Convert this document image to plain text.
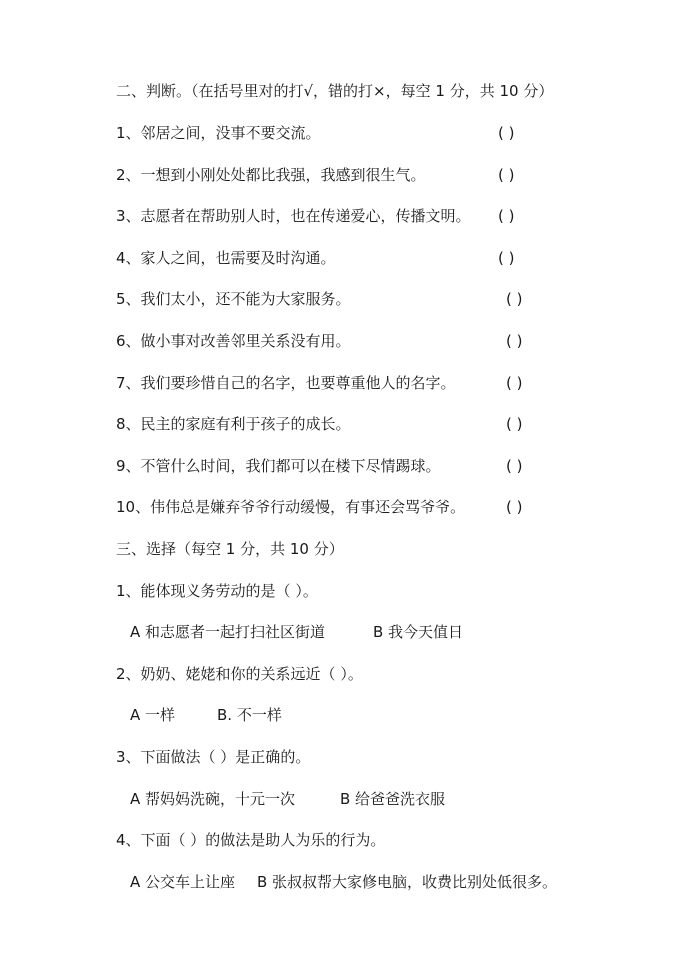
二、判断。（在括号里对的打√，错的打×，每空 1 分，共 10 分）
1、邻居之间，没事不要交流。	( )
2、一想到小刚处处都比我强，我感到很生气。	( )
3、志愿者在帮助别人时，也在传递爱心，传播文明。 ( )
4、家人之间，也需要及时沟通。	( )
5、我们太小，还不能为大家服务。	( )
6、做小事对改善邻里关系没有用。	( )
7、我们要珍惜自己的名字，也要尊重他人的名字。	( )
8、民主的家庭有利于孩子的成长。	( )
9、不管什么时间，我们都可以在楼下尽情踢球。	( )
10、伟伟总是嫌弃爷爷行动缓慢，有事还会骂爷爷。	( )
三、选择（每空 1 分，共 10 分）
1、能体现义务劳动的是（ ）。
A 和志愿者一起打扫社区街道	B 我今天值日
2、奶奶、姥姥和你的关系远近（ ）。
A 一样	B. 不一样
3、下面做法（ ）是正确的。
A 帮妈妈洗碗，十元一次	B 给爸爸洗衣服
4、下面（ ）的做法是助人为乐的行为。
A 公交车上让座 B 张叔叔帮大家修电脑，收费比别处低很多。
